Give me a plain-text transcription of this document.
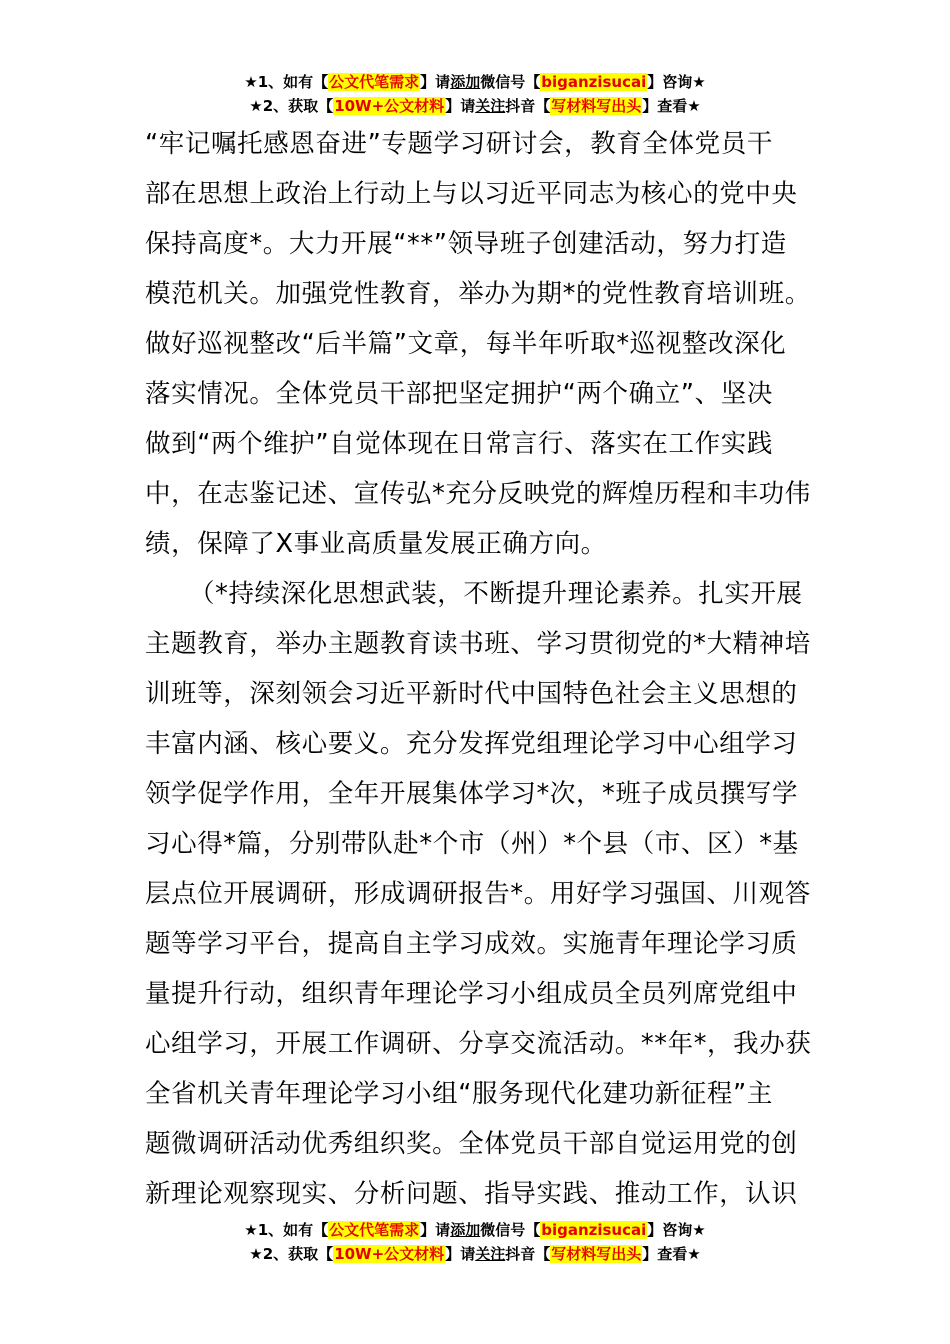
★1、如有【公文代笔需求】请添加微信号【biganzisucai】咨询★
★2、获取【10W+公文材料】请关注抖音【写材料写出头】查看★
“牢记嘱托感恩奋进”专题学习研讨会，教育全体党员干
部在思想上政治上行动上与以习近平同志为核心的党中央
保持高度*。大力开展“**”领导班子创建活动，努力打造
模范机关。加强党性教育，举办为期*的党性教育培训班。
做好巡视整改“后半篇”文章，每半年听取*巡视整改深化
落实情况。全体党员干部把坚定拥护“两个确立”、坚决
做到“两个维护”自觉体现在日常言行、落实在工作实践
中，在志鉴记述、宣传弘*充分反映党的辉煌历程和丰功伟
绩，保障了X事业高质量发展正确方向。
（*持续深化思想武装，不断提升理论素养。扎实开展
主题教育，举办主题教育读书班、学习贯彻党的*大精神培
训班等，深刻领会习近平新时代中国特色社会主义思想的
丰富内涵、核心要义。充分发挥党组理论学习中心组学习
领学促学作用，全年开展集体学习*次，*班子成员撰写学
习心得*篇，分别带队赴*个市（州）*个县（市、区）*基
层点位开展调研，形成调研报告*。用好学习强国、川观答
题等学习平台，提高自主学习成效。实施青年理论学习质
量提升行动，组织青年理论学习小组成员全员列席党组中
心组学习，开展工作调研、分享交流活动。**年*，我办获
全省机关青年理论学习小组“服务现代化建功新征程”主
题微调研活动优秀组织奖。全体党员干部自觉运用党的创
新理论观察现实、分析问题、指导实践、推动工作，认识
★1、如有【公文代笔需求】请添加微信号【biganzisucai】咨询★
★2、获取【10W+公文材料】请关注抖音【写材料写出头】查看★
